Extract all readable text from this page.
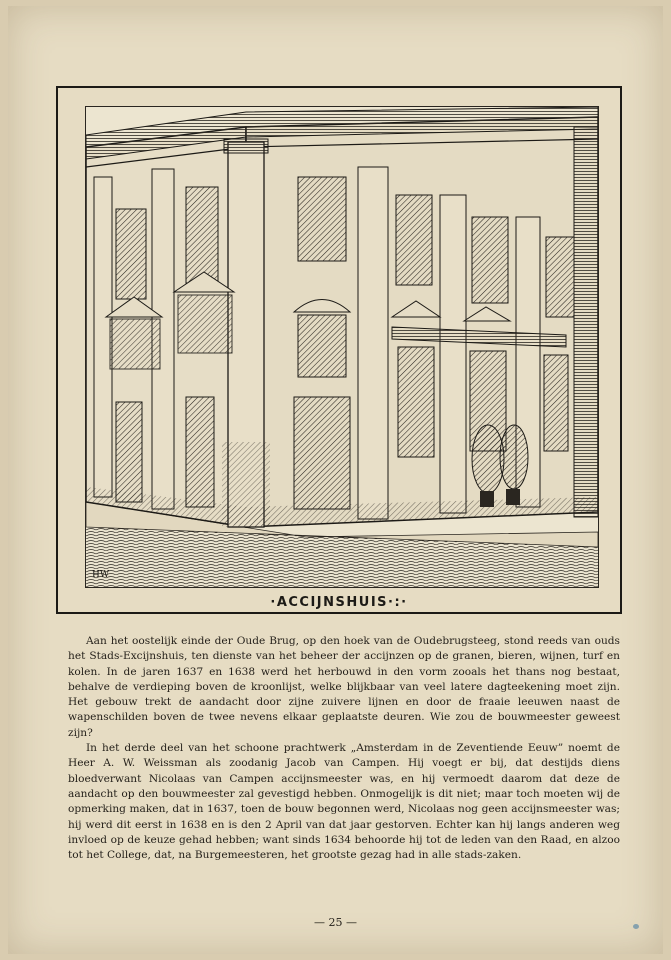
HW
·ACCIJNSHUIS·:·

Aan het oostelijk einde der Oude Brug, op den hoek van de Oudebrugsteeg, stond reeds van ouds het Stads-Excijnshuis, ten dienste van het beheer der accijnzen op de granen, bieren, wijnen, turf en kolen. In de jaren 1637 en 1638 werd het herbouwd in den vorm zooals het thans nog bestaat, behalve de verdieping boven de kroonlijst, welke blijkbaar van veel latere dagteekening moet zijn. Het gebouw trekt de aandacht door zijne zuivere lijnen en door de fraaie leeuwen naast de wapenschilden boven de twee nevens elkaar geplaatste deuren. Wie zou de bouwmeester geweest zijn?

In het derde deel van het schoone prachtwerk „Amsterdam in de Zeventiende Eeuw” noemt de Heer A. W. Weissman als zoodanig Jacob van Campen. Hij voegt er bij, dat destijds diens bloedverwant Nicolaas van Campen accijnsmeester was, en hij vermoedt daarom dat deze de aandacht op den bouwmeester zal gevestigd hebben. Onmogelijk is dit niet; maar toch moeten wij de opmerking maken, dat in 1637, toen de bouw begonnen werd, Nicolaas nog geen accijnsmeester was; hij werd dit eerst in 1638 en is den 2 April van dat jaar gestorven. Echter kan hij langs anderen weg invloed op de keuze gehad hebben; want sinds 1634 behoorde hij tot de leden van den Raad, en alzoo tot het College, dat, na Burgemeesteren, het grootste gezag had in alle stads-zaken.

— 25 —
